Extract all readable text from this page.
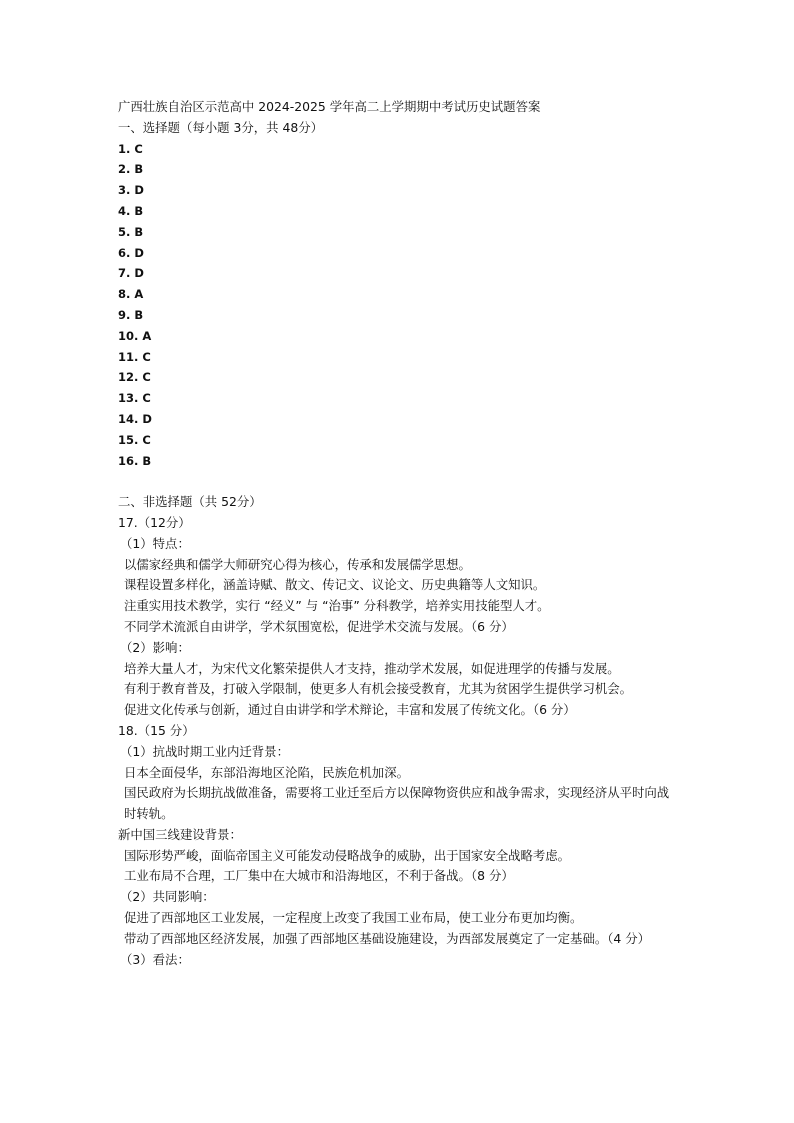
广西壮族自治区示范高中 2024-2025 学年高二上学期期中考试历史试题答案
一、选择题（每小题 3分，共 48分）
1. C
2. B
3. D
4. B
5. B
6. D
7. D
8. A
9. B
10. A
11. C
12. C
13. C
14. D
15. C
16. B
二、非选择题（共 52分）
17.（12分）
（1）特点：
以儒家经典和儒学大师研究心得为核心，传承和发展儒学思想。
课程设置多样化，涵盖诗赋、散文、传记文、议论文、历史典籍等人文知识。
注重实用技术教学，实行 “经义” 与 “治事” 分科教学，培养实用技能型人才。
不同学术流派自由讲学，学术氛围宽松，促进学术交流与发展。（6 分）
（2）影响：
培养大量人才，为宋代文化繁荣提供人才支持，推动学术发展，如促进理学的传播与发展。
有利于教育普及，打破入学限制，使更多人有机会接受教育，尤其为贫困学生提供学习机会。
促进文化传承与创新，通过自由讲学和学术辩论，丰富和发展了传统文化。（6 分）
18.（15 分）
（1）抗战时期工业内迁背景：
日本全面侵华，东部沿海地区沦陷，民族危机加深。
国民政府为长期抗战做准备，需要将工业迁至后方以保障物资供应和战争需求，实现经济从平时向战时转轨。
新中国三线建设背景：
国际形势严峻，面临帝国主义可能发动侵略战争的威胁，出于国家安全战略考虑。
工业布局不合理，工厂集中在大城市和沿海地区，不利于备战。（8 分）
（2）共同影响：
促进了西部地区工业发展，一定程度上改变了我国工业布局，使工业分布更加均衡。
带动了西部地区经济发展，加强了西部地区基础设施建设，为西部发展奠定了一定基础。（4 分）
（3）看法：
